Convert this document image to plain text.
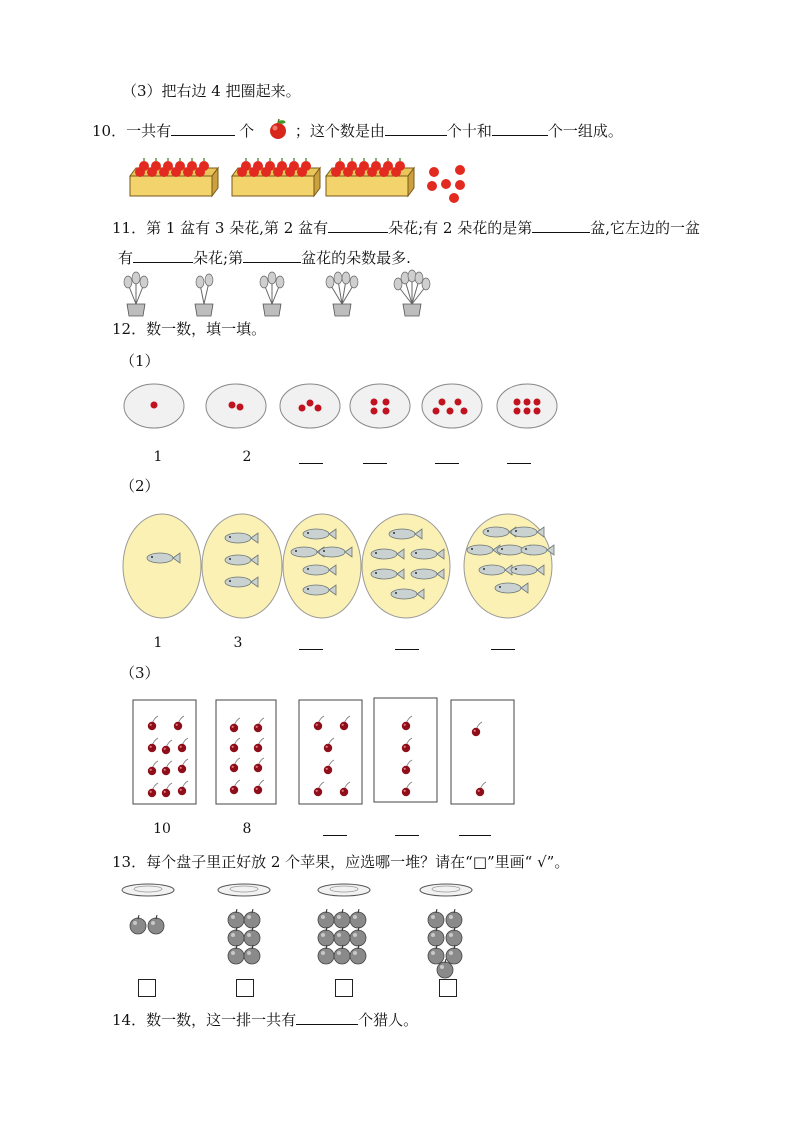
（3）把右边 4 把圈起来。
10．一共有	个	；这个数是由	个十和	个一组成。
11．第 1 盆有 3 朵花,第 2 盆有	朵花;有 2 朵花的是第	盆,它左边的一盆
有	朵花;第	盆花的朵数最多.
12．数一数，填一填。
（1）
1	2
（2）
1	3
（3）
10	8
13．每个盘子里正好放 2 个苹果，应选哪一堆？请在“□”里画“ √”。
14．数一数，这一排一共有	个猎人。
